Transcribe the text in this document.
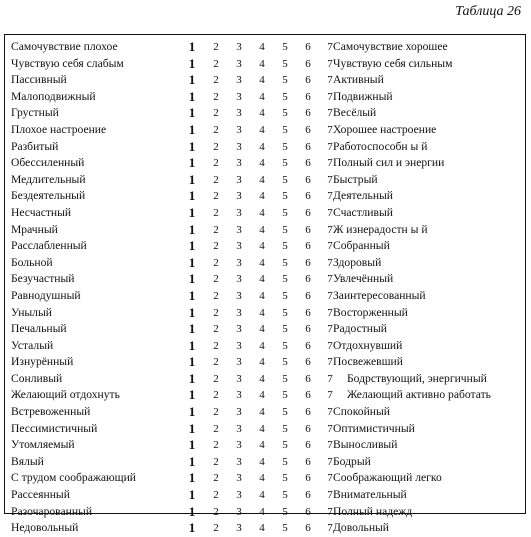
Таблица 26
Самочувствие плохое	1	2	3	4	5	6	7 Самочувствие хорошее
Чувствую себя слабым	1	2	3	4	5	6	7 Чувствую себя сильным
Пассивный	1	2	3	4	5	6	7 Активный
Малоподвижный	1	2	3	4	5	6	7 Подвижный
Грустный	1	2	3	4	5	6	7 Весёлый
Плохое настроение	1	2	3	4	5	6	7 Хорошее настроение
Разбитый	1	2	3	4	5	6	7 Работоспособн ы й
Обессиленный	1	2	3	4	5	6	7 Полный сил и энергии
Медлительный	1	2	3	4	5	6	7 Быстрый
Бездеятельный	1	2	3	4	5	6	7 Деятельный
Несчастный	1	2	3	4	5	6	7 Счастливый
Мрачный	1	2	3	4	5	6	7 Ж изнерадостн ы й
Расслабленный	1	2	3	4	5	6	7 Собранный
Больной	1	2	3	4	5	6	7 Здоровый
Безучастный	1	2	3	4	5	6	7 Увлечённый
Равнодушный	1	2	3	4	5	6	7 Заинтересованный
Унылый	1	2	3	4	5	6	7 Восторженный
Печальный	1	2	3	4	5	6	7 Радостный
Усталый	1	2	3	4	5	6	7 Отдохнувший
Изнурённый	1	2	3	4	5	6	7 Посвежевший
Сонливый	1	2	3	4	5	6	7	Бодрствующий, энергичный
Желающий отдохнуть	1	2	3	4	5	6	7	Желающий активно работать
Встревоженный	1	2	3	4	5	6	7 Спокойный
Пессимистичный	1	2	3	4	5	6	7 Оптимистичный
Утомляемый	1	2	3	4	5	6	7 Выносливый
Вялый	1	2	3	4	5	6	7 Бодрый
С трудом соображающий	1	2	3	4	5	6	7 Соображающий легко
Рассеянный	1	2	3	4	5	6	7 Внимательный
Разочарованный	1	2	3	4	5	6	7 Полный надежд
Недовольный	1	2	3	4	5	6	7 Довольный
